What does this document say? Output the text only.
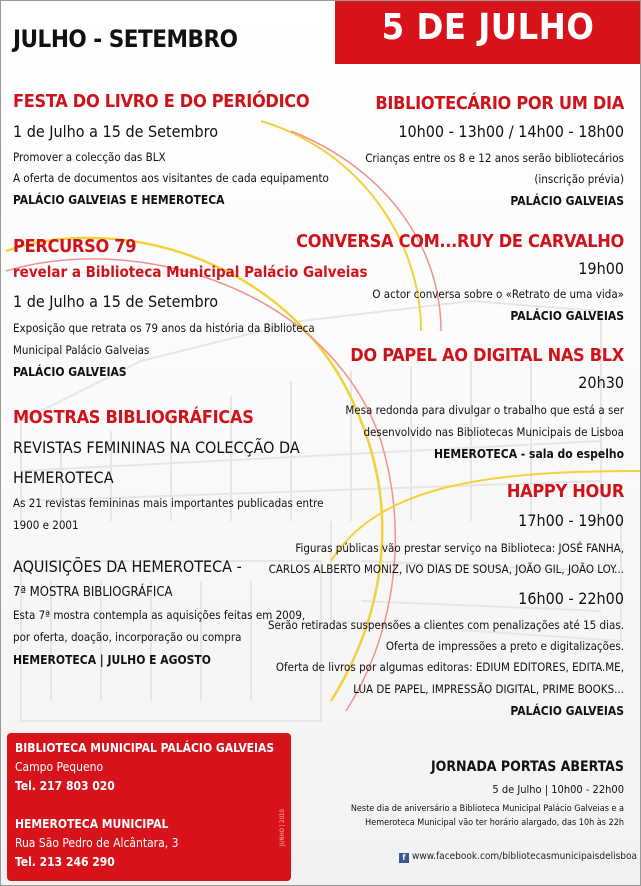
JULHO - SETEMBRO	5 DE JULHO
FESTA DO LIVRO E DO PERIÓDICO
1 de Julho a 15 de Setembro
Promover a colecção das BLX
A oferta de documentos aos visitantes de cada equipamento
PALÁCIO GALVEIAS E HEMEROTECA
PERCURSO 79
revelar a Biblioteca Municipal Palácio Galveias
1 de Julho a 15 de Setembro
Exposição que retrata os 79 anos da história da Biblioteca
Municipal Palácio Galveias
PALÁCIO GALVEIAS
MOSTRAS BIBLIOGRÁFICAS
REVISTAS FEMININAS NA COLECÇÃO DA
HEMEROTECA
As 21 revistas femininas mais importantes publicadas entre
1900 e 2001
AQUISIÇÕES DA HEMEROTECA -
7ª MOSTRA BIBLIOGRÁFICA
Esta 7ª mostra contempla as aquisições feitas em 2009,
por oferta, doação, incorporação ou compra
HEMEROTECA | JULHO E AGOSTO
BIBLIOTECÁRIO POR UM DIA
10h00 - 13h00 / 14h00 - 18h00
Crianças entre os 8 e 12 anos serão bibliotecários
(inscrição prévia)
PALÁCIO GALVEIAS
CONVERSA COM...RUY DE CARVALHO
19h00
O actor conversa sobre o «Retrato de uma vida»
PALÁCIO GALVEIAS
DO PAPEL AO DIGITAL NAS BLX
20h30
Mesa redonda para divulgar o trabalho que está a ser
desenvolvido nas Bibliotecas Municipais de Lisboa
HEMEROTECA - sala do espelho
HAPPY HOUR
17h00 - 19h00
Figuras públicas vão prestar serviço na Biblioteca: JOSÉ FANHA,
CARLOS ALBERTO MONIZ, IVO DIAS DE SOUSA, JOÃO GIL, JOÃO LOY...
16h00 - 22h00
Serão retiradas suspensões a clientes com penalizações até 15 dias.
Oferta de impressões a preto e digitalizações.
Oferta de livros por algumas editoras: EDIUM EDITORES, EDITA.ME,
LUA DE PAPEL, IMPRESSÃO DIGITAL, PRIME BOOKS...
PALÁCIO GALVEIAS
JORNADA PORTAS ABERTAS
5 de Julho | 10h00 - 22h00
Neste dia de aniversário a Biblioteca Municipal Palácio Galveias e a
Hemeroteca Municipal vão ter horário alargado, das 10h às 22h
BIBLIOTECA MUNICIPAL PALÁCIO GALVEIAS
Campo Pequeno
Tel. 217 803 020
HEMEROTECA MUNICIPAL
Rua São Pedro de Alcântara, 3
Tel. 213 246 290
JUNHO | 2010
f www.facebook.com/bibliotecasmunicipaisdelisboa
